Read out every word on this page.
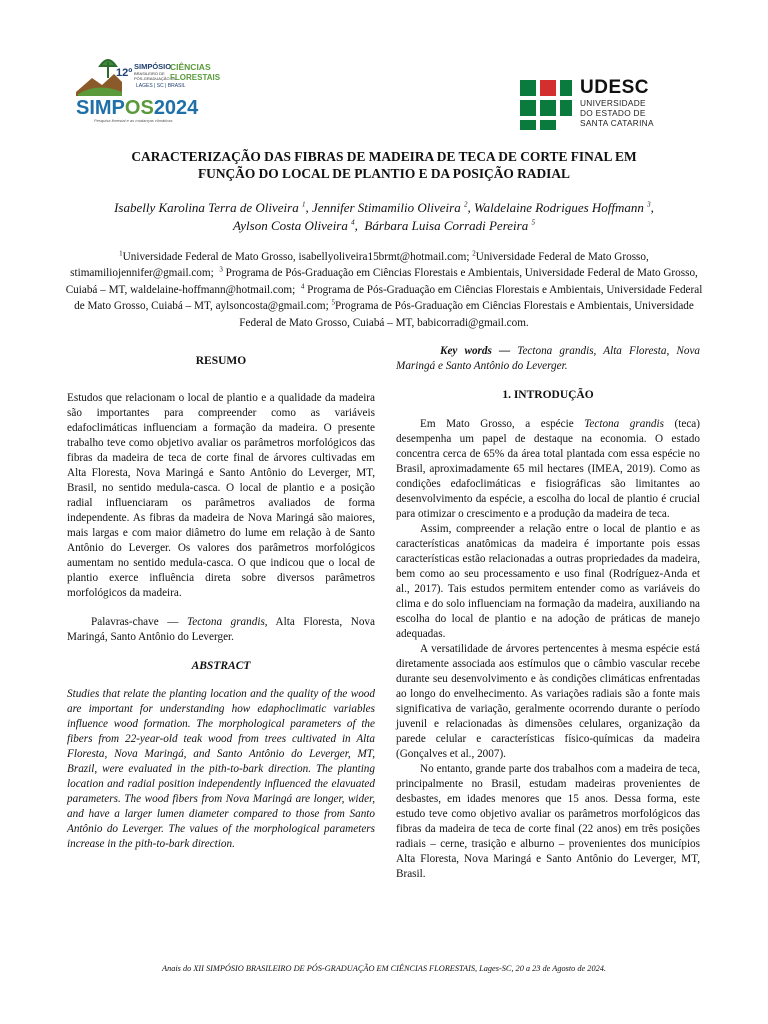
12º
SIMPÓSIO
BRASILEIRO DE
PÓS-GRADUAÇÃO EM
CIÊNCIAS
FLORESTAIS
LAGES | SC | BRASIL
SIMPOS2024
Pesquisa florestal e as mudanças climáticas
UDESC
UNIVERSIDADE
DO ESTADO DE
SANTA CATARINA
CARACTERIZAÇÃO DAS FIBRAS DE MADEIRA DE TECA DE CORTE FINAL EM
FUNÇÃO DO LOCAL DE PLANTIO E DA POSIÇÃO RADIAL
Isabelly Karolina Terra de Oliveira $^1$, Jennifer Stimamilio Oliveira $^2$, Waldelaine Rodrigues Hoffmann $^3$,
Aylson Costa Oliveira $^4$,  Bárbara Luisa Corradi Pereira $^5$
$^1$Universidade Federal de Mato Grosso, isabellyoliveira15brmt@hotmail.com; $^2$Universidade Federal de Mato Grosso, stimamiliojennifer@gmail.com; $^3$ Programa de Pós-Graduação em Ciências Florestais e Ambientais, Universidade Federal de Mato Grosso, Cuiabá – MT, waldelaine-hoffmann@hotmail.com; $^4$ Programa de Pós-Graduação em Ciências Florestais e Ambientais, Universidade Federal de Mato Grosso, Cuiabá – MT, aylsoncosta@gmail.com; $^5$Programa de Pós-Graduação em Ciências Florestais e Ambientais, Universidade Federal de Mato Grosso, Cuiabá – MT, babicorradi@gmail.com.

RESUMO

Estudos que relacionam o local de plantio e a qualidade da madeira são importantes para compreender como as variáveis edafoclimáticas influenciam a formação da madeira. O presente trabalho teve como objetivo avaliar os parâmetros morfológicos das fibras da madeira de teca de corte final de árvores cultivadas em Alta Floresta, Nova Maringá e Santo Antônio do Leverger, MT, Brasil, no sentido medula-casca. O local de plantio e a posição radial influenciaram os parâmetros avaliados de forma independente. As fibras da madeira de Nova Maringá são maiores, mais largas e com maior diâmetro do lume em relação à de Santo Antônio do Leverger. Os valores dos parâmetros morfológicos aumentam no sentido medula-casca. O que indicou que o local de plantio exerce influência direta sobre diversos parâmetros morfológicos da madeira.

Palavras-chave — Tectona grandis, Alta Floresta, Nova Maringá, Santo Antônio do Leverger.

ABSTRACT

Studies that relate the planting location and the quality of the wood are important for understanding how edaphoclimatic variables influence wood formation. The morphological parameters of the fibers from 22-year-old teak wood from trees cultivated in Alta Floresta, Nova Maringá, and Santo Antônio do Leverger, MT, Brazil, were evaluated in the pith-to-bark direction. The planting location and radial position independently influenced the elavuated parameters. The wood fibers from Nova Maringá are longer, wider, and have a larger lumen diameter compared to those from Santo Antônio do Leverger. The values of the morphological parameters increase in the pith-to-bark direction.

Key words — Tectona grandis, Alta Floresta, Nova Maringá e Santo Antônio do Leverger.

1. INTRODUÇÃO

Em Mato Grosso, a espécie Tectona grandis (teca) desempenha um papel de destaque na economia. O estado concentra cerca de 65% da área total plantada com essa espécie no Brasil, aproximadamente 65 mil hectares (IMEA, 2019). Como as condições edafoclimáticas e fisiográficas são limitantes ao desenvolvimento da espécie, a escolha do local de plantio é crucial para otimizar o crescimento e a produção da madeira de teca.

Assim, compreender a relação entre o local de plantio e as características anatômicas da madeira é importante pois essas características estão relacionadas a outras propriedades da madeira, bem como ao seu processamento e uso final (Rodríguez-Anda et al., 2017). Tais estudos permitem entender como as variáveis do clima e do solo influenciam na formação da madeira, auxiliando na escolha do local de plantio e na adoção de práticas de manejo adequadas.

A versatilidade de árvores pertencentes à mesma espécie está diretamente associada aos estímulos que o câmbio vascular recebe durante seu desenvolvimento e às condições climáticas enfrentadas ao longo do envelhecimento. As variações radiais são a fonte mais significativa de variação, geralmente ocorrendo durante o período juvenil e relacionadas às dimensões celulares, organização da parede celular e características físico-químicas da madeira (Gonçalves et al., 2007).

No entanto, grande parte dos trabalhos com a madeira de teca, principalmente no Brasil, estudam madeiras provenientes de desbastes, em idades menores que 15 anos. Dessa forma, este estudo teve como objetivo avaliar os parâmetros morfológicos das fibras da madeira de teca de corte final (22 anos) em três posições radiais – cerne, trasição e alburno – provenientes dos municípios Alta Floresta, Nova Maringá e Santo Antônio do Leverger, MT, Brasil.

Anais do XII SIMPÓSIO BRASILEIRO DE PÓS-GRADUAÇÃO EM CIÊNCIAS FLORESTAIS, Lages-SC, 20 a 23 de Agosto de 2024.
